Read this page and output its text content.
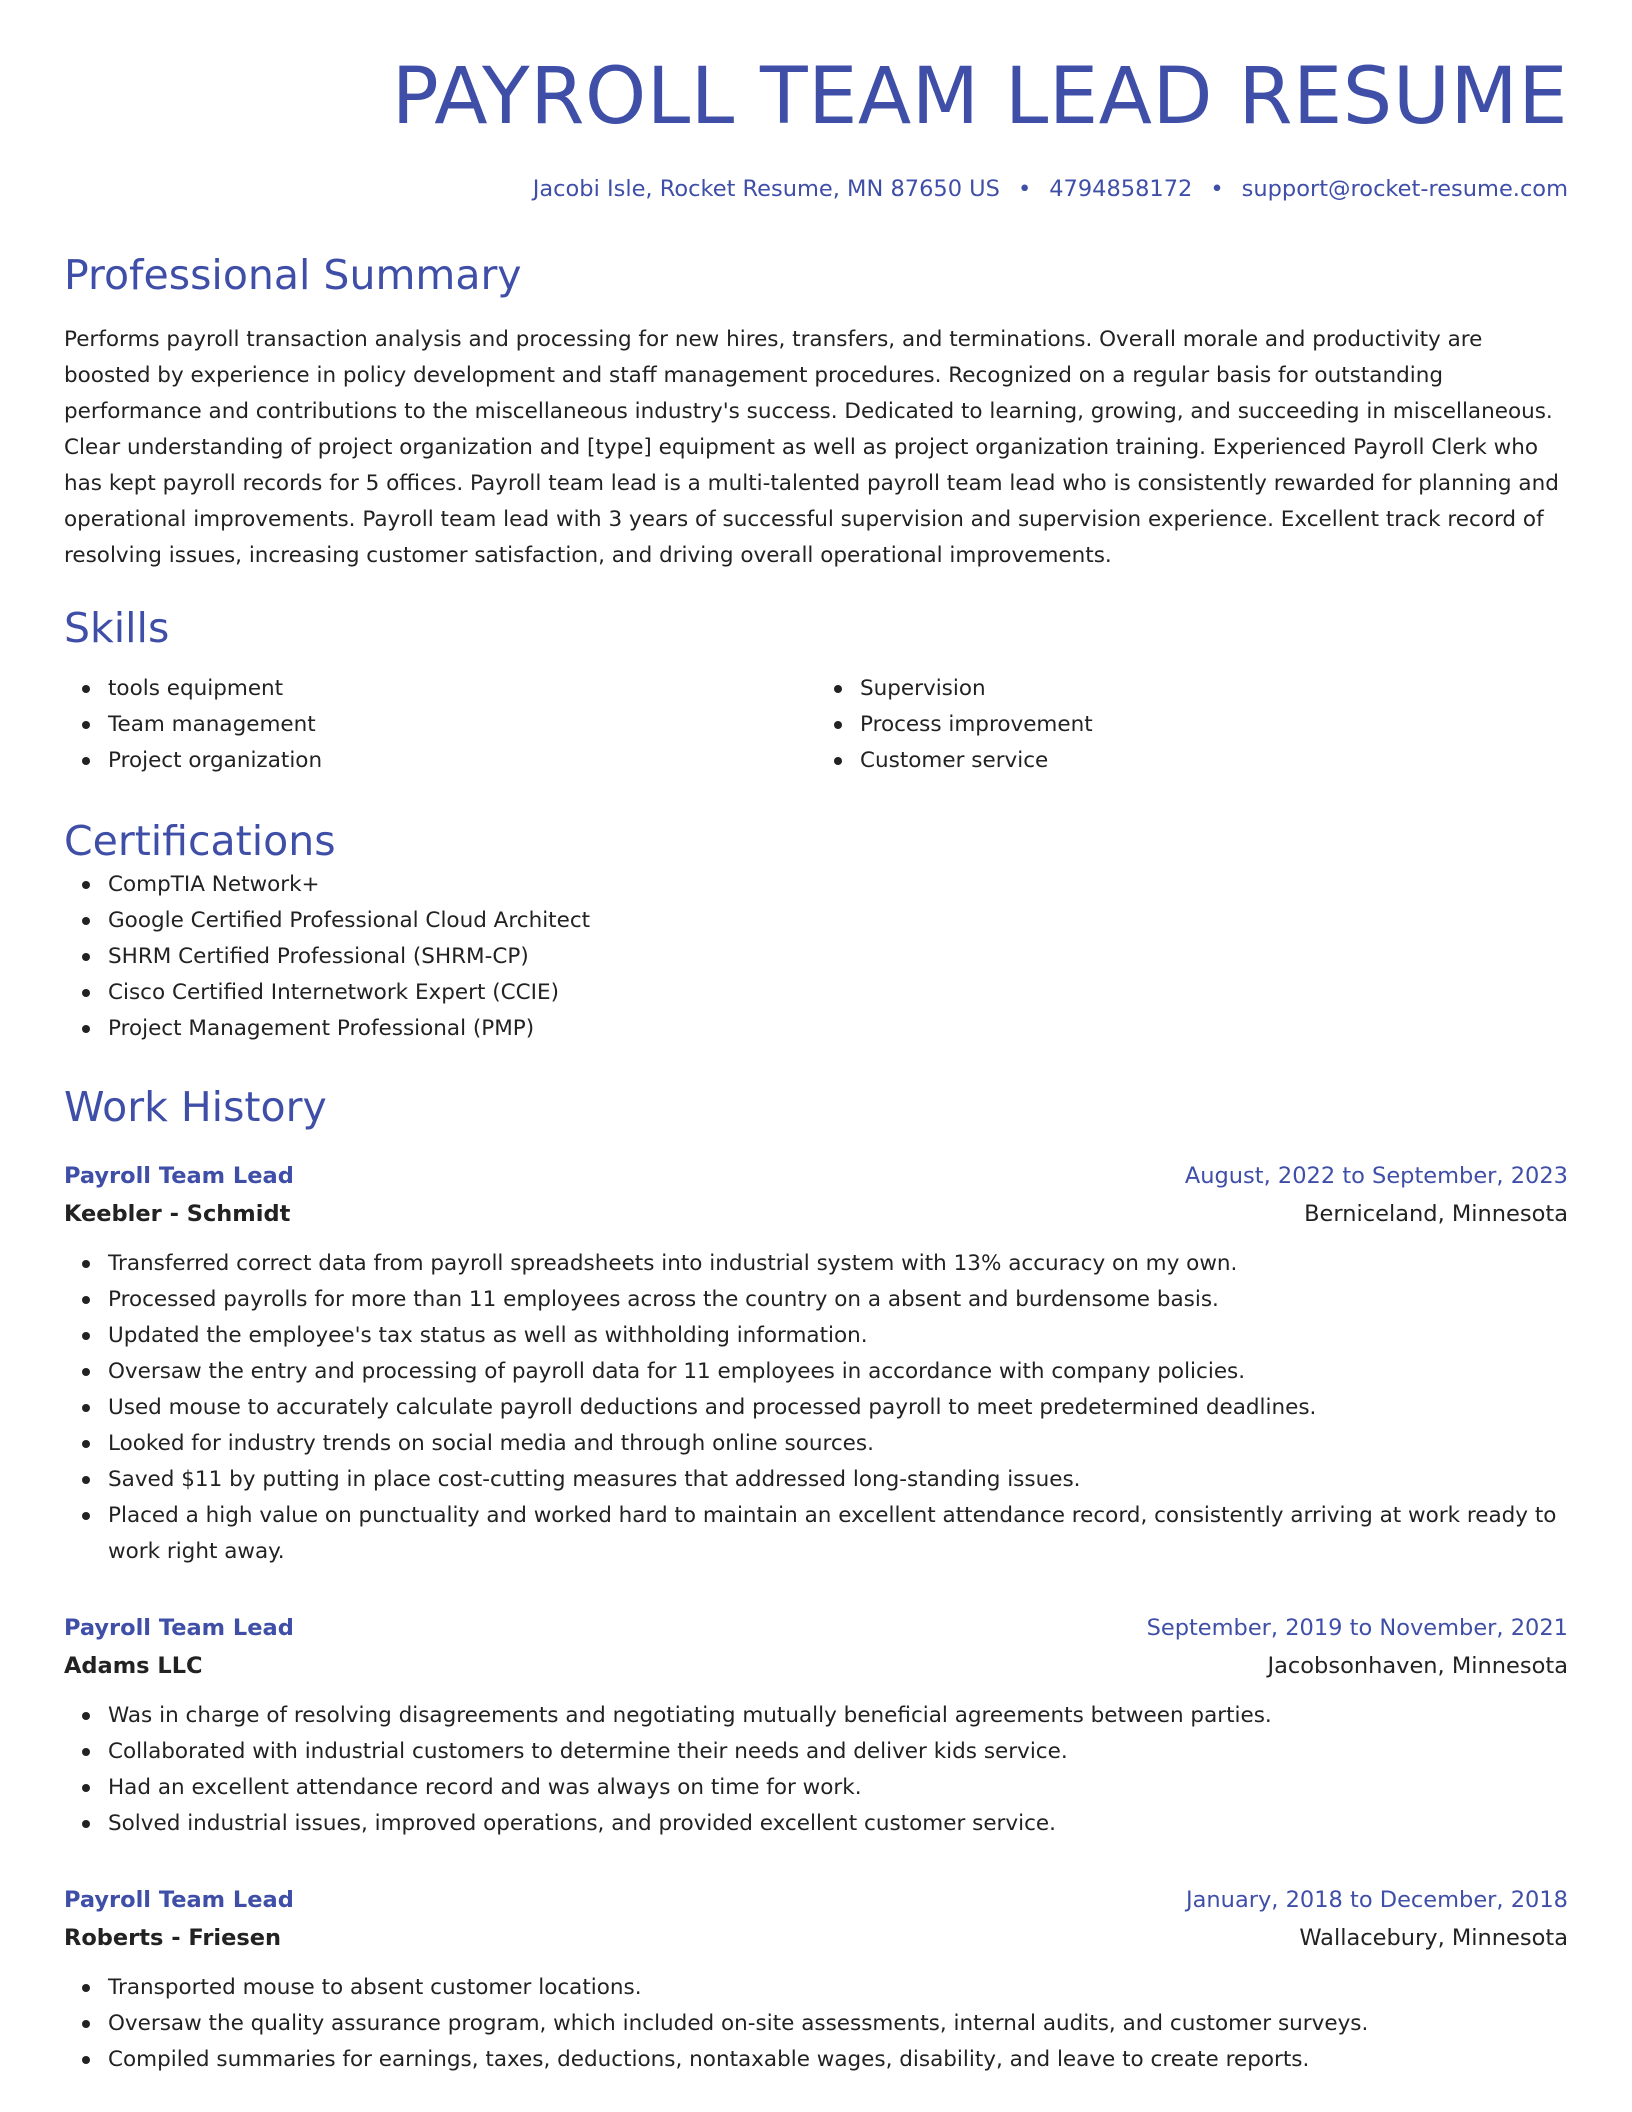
PAYROLL TEAM LEAD RESUME
Jacobi Isle, Rocket Resume, MN 87650 US • 4794858172 • support@rocket-resume.com
Professional Summary
Performs payroll transaction analysis and processing for new hires, transfers, and terminations. Overall morale and productivity are boosted by experience in policy development and staff management procedures. Recognized on a regular basis for outstanding performance and contributions to the miscellaneous industry's success. Dedicated to learning, growing, and succeeding in miscellaneous. Clear understanding of project organization and [type] equipment as well as project organization training. Experienced Payroll Clerk who has kept payroll records for 5 offices. Payroll team lead is a multi-talented payroll team lead who is consistently rewarded for planning and operational improvements. Payroll team lead with 3 years of successful supervision and supervision experience. Excellent track record of resolving issues, increasing customer satisfaction, and driving overall operational improvements.
Skills
tools equipment
Team management
Project organization
Supervision
Process improvement
Customer service
Certifications
CompTIA Network+
Google Certified Professional Cloud Architect
SHRM Certified Professional (SHRM-CP)
Cisco Certified Internetwork Expert (CCIE)
Project Management Professional (PMP)
Work History
Payroll Team Lead	August, 2022 to September, 2023
Keebler - Schmidt	Berniceland, Minnesota
Transferred correct data from payroll spreadsheets into industrial system with 13% accuracy on my own.
Processed payrolls for more than 11 employees across the country on a absent and burdensome basis.
Updated the employee's tax status as well as withholding information.
Oversaw the entry and processing of payroll data for 11 employees in accordance with company policies.
Used mouse to accurately calculate payroll deductions and processed payroll to meet predetermined deadlines.
Looked for industry trends on social media and through online sources.
Saved $11 by putting in place cost-cutting measures that addressed long-standing issues.
Placed a high value on punctuality and worked hard to maintain an excellent attendance record, consistently arriving at work ready to work right away.
Payroll Team Lead	September, 2019 to November, 2021
Adams LLC	Jacobsonhaven, Minnesota
Was in charge of resolving disagreements and negotiating mutually beneficial agreements between parties.
Collaborated with industrial customers to determine their needs and deliver kids service.
Had an excellent attendance record and was always on time for work.
Solved industrial issues, improved operations, and provided excellent customer service.
Payroll Team Lead	January, 2018 to December, 2018
Roberts - Friesen	Wallacebury, Minnesota
Transported mouse to absent customer locations.
Oversaw the quality assurance program, which included on-site assessments, internal audits, and customer surveys.
Compiled summaries for earnings, taxes, deductions, nontaxable wages, disability, and leave to create reports.
